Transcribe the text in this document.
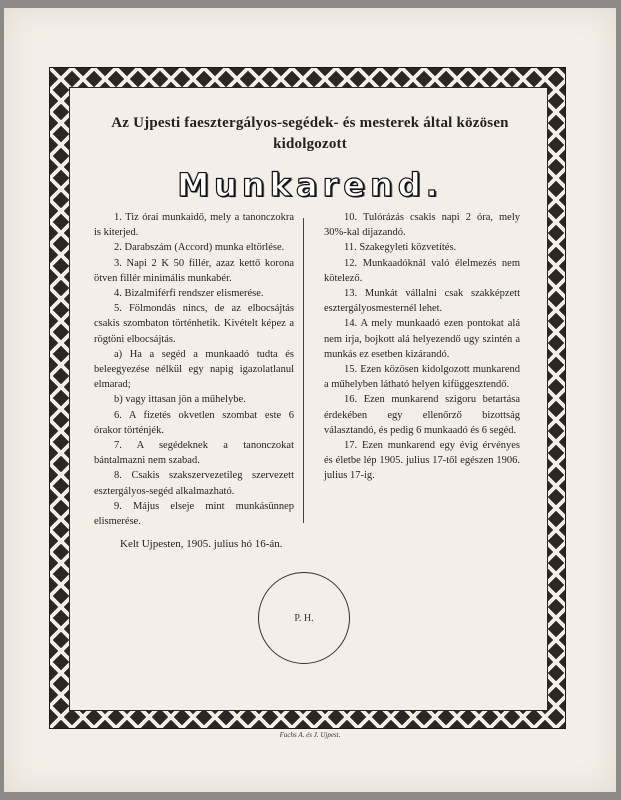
Az Ujpesti faesztergályos-segédek- és mesterek által közösen
kidolgozott
Munkarend.

1. Tiz órai munkaidő, mely a tanonczokra is kiterjed.

2. Darabszám (Accord) munka eltörlése.

3. Napi 2 K 50 fillér, azaz kettő korona ötven fillér minimális munkabér.

4. Bizalmiférfi rendszer elismerése.

5. Fölmondás nincs, de az elbocsájtás csakis szombaton történhetik. Kivételt képez a rögtöni elbocsájtás.

a) Ha a segéd a munkaadó tudta és beleegyezése nélkül egy napig igazolatlanul elmarad;

b) vagy ittasan jön a műhelybe.

6. A fizetés okvetlen szombat este 6 órakor történjék.

7. A segédeknek a tanonczokat bántalmazni nem szabad.

8. Csakis szakszervezetileg szervezett esztergályos-segéd alkalmazható.

9. Május elseje mint munkásünnep elismerése.

10. Tulórázás csakis napi 2 óra, mely 30%-kal dijazandó.

11. Szakegyleti közvetítés.

12. Munkaadóknál való élelmezés nem kötelező.

13. Munkát vállalni csak szakképzett esztergályosmesternél lehet.

14. A mely munkaadó ezen pontokat alá nem irja, bojkott alá helyezendő ugy szintén a munkás ez esetben kizárandó.

15. Ezen közösen kidolgozott munkarend a műhelyben látható helyen kifüggesztendő.

16. Ezen munkarend szigoru betartása érdekében egy ellenőrző bizottság választandó, és pedig 6 munkaadó és 6 segéd.

17. Ezen munkarend egy évig érvényes és életbe lép 1905. julius 17-től egészen 1906. julius 17-ig.

Kelt Ujpesten, 1905. julius hó 16-án.
P. H.
Fuchs A. és J. Ujpest.
